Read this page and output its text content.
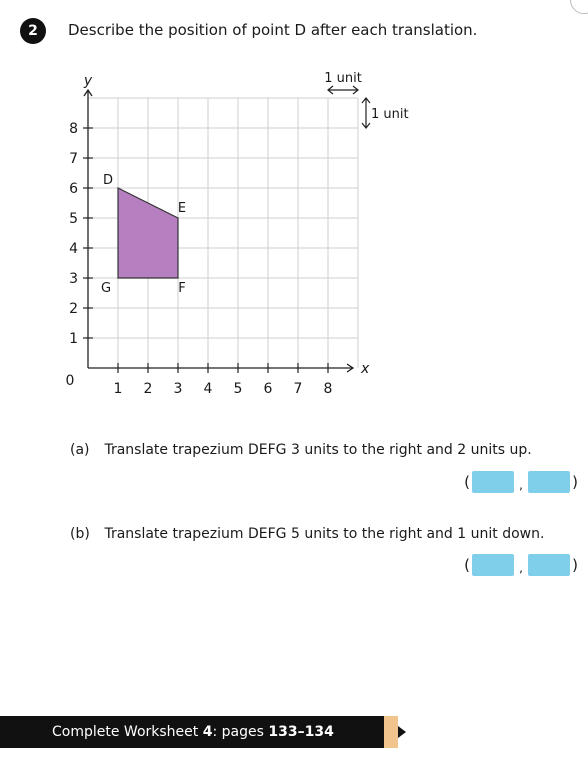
2	Describe the position of point D after each translation.
1 2 3 4 5 6 7 8
1
2
3
4
5
6
7
8
0
y
x
D
E
F
G
1 unit
1 unit
(a) Translate trapezium DEFG 3 units to the right and 2 units up.
(	,	)
(b) Translate trapezium DEFG 5 units to the right and 1 unit down.
(	,	)
Complete Worksheet 4: pages 133–134
